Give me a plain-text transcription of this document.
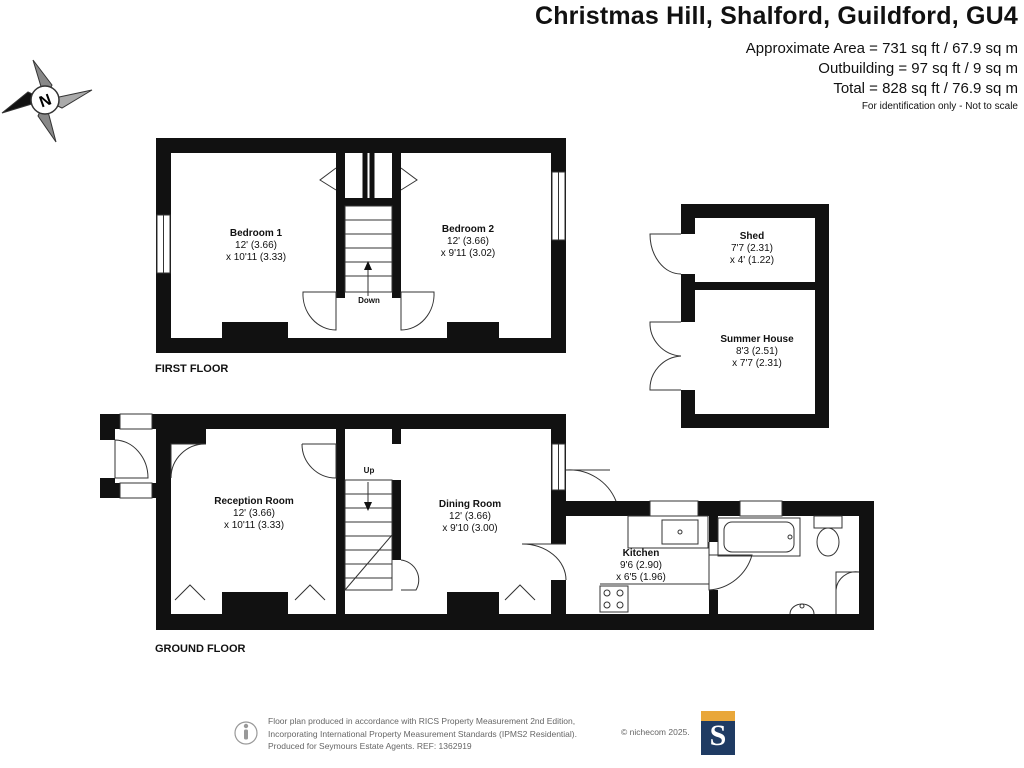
N
Christmas Hill, Shalford, Guildford, GU4
Approximate Area = 731 sq ft / 67.9 sq m
Outbuilding = 97 sq ft / 9 sq m
Total = 828 sq ft / 76.9 sq m
For identification only - Not to scale
Bedroom 1
12' (3.66)
x 10'11 (3.33)
Bedroom 2
12' (3.66)
x 9'11 (3.02)
Shed
7'7 (2.31)
x 4' (1.22)
Summer House
8'3 (2.51)
x 7'7 (2.31)
Reception Room
12' (3.66)
x 10'11 (3.33)
Dining Room
12' (3.66)
x 9'10 (3.00)
Kitchen
9'6 (2.90)
x 6'5 (1.96)
Down
Up
FIRST FLOOR
GROUND FLOOR
Floor plan produced in accordance with RICS Property Measurement 2nd Edition,
Incorporating International Property Measurement Standards (IPMS2 Residential).
Produced for Seymours Estate Agents. REF: 1362919
© nichecom 2025. S
